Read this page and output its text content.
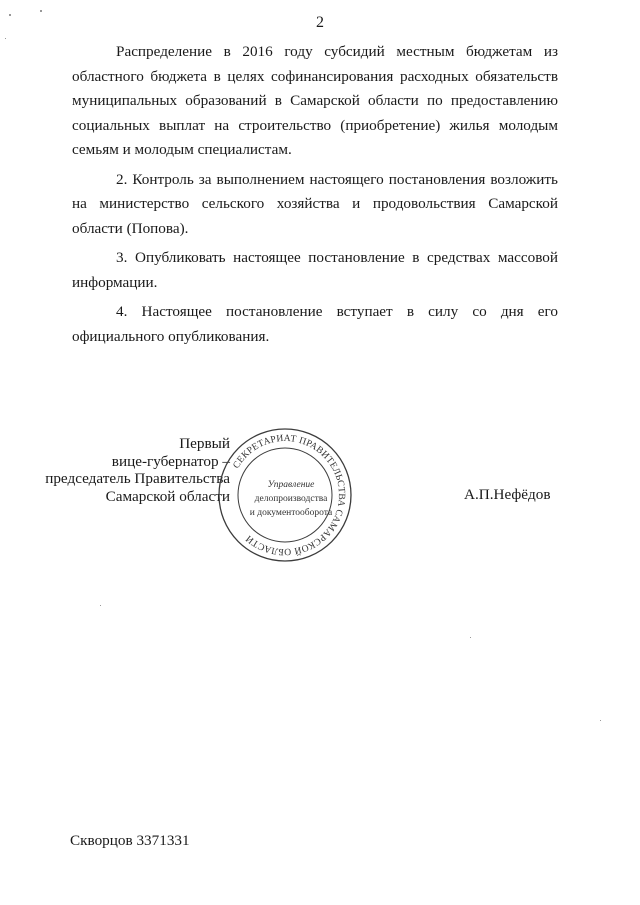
2

Распределение в 2016 году субсидий местным бюджетам из областного бюджета в целях софинансирования расходных обязательств муниципальных образований в Самарской области по предоставлению социальных выплат на строительство (приобретение) жилья молодым семьям и молодым специалистам.

2. Контроль за выполнением настоящего постановления возложить на министерство сельского хозяйства и продовольствия Самарской области (Попова).

3. Опубликовать настоящее постановление в средствах массовой информации.

4. Настоящее постановление вступает в силу со дня его официального опубликования.

Первый
вице-губернатор –
председатель Правительства
Самарской области
СЕКРЕТАРИАТ ПРАВИТЕЛЬСТВА САМАРСКОЙ ОБЛАСТИ
Управление
делопроизводства
и документооборота
А.П.Нефёдов
Скворцов 3371331
